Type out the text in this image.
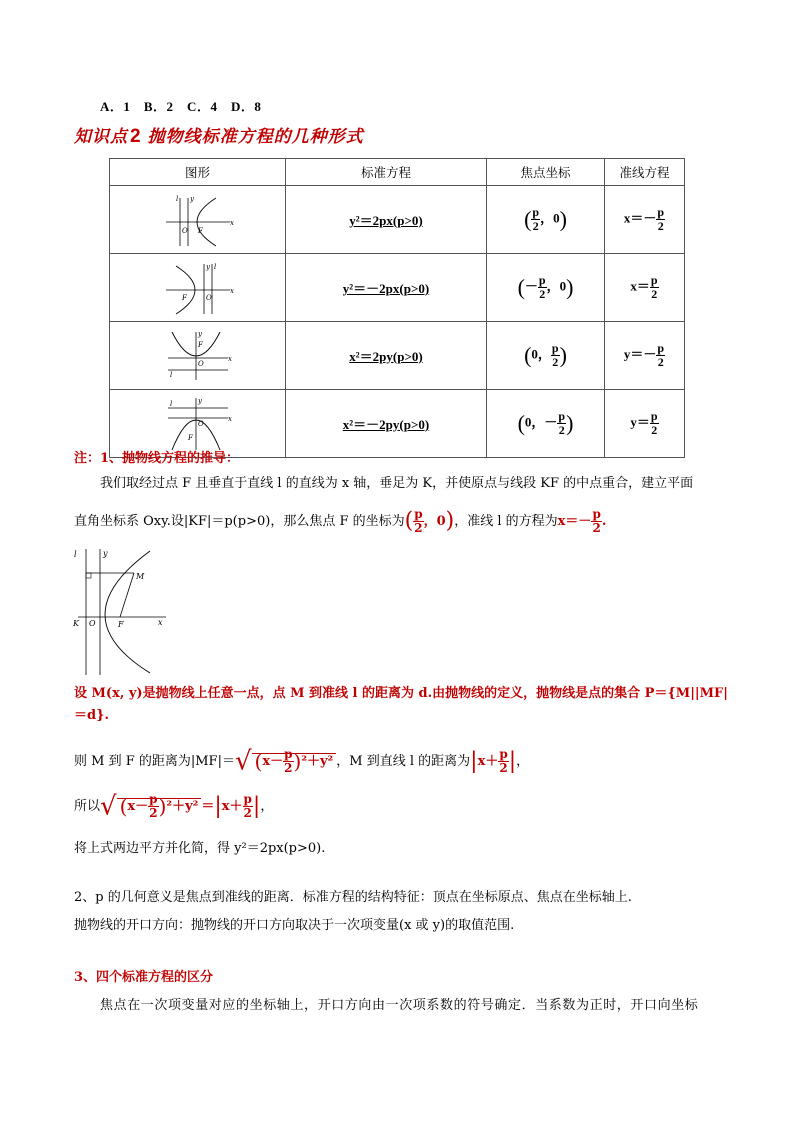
A．1　B．2　C．4　D．8
知识点 2 抛物线标准方程的几种形式
图形	标准方程	焦点坐标	准线方程

O F
l y
x	y²＝2px(p>0)	( $\frac{p}{2}$ ，0)	$x=- \frac{p}{2}$

F O
l
y
x	y²＝－2px(p>0)	(－ $\frac{p}{2}$ ，0)	$x= \frac{p}{2}$

F
O
l
y
x	x²＝2py(p>0)	(0， $\frac{p}{2}$ )	$y=- \frac{p}{2}$

O
F
l y
x	x²＝－2py(p>0)	(0，－ $\frac{p}{2}$ )	$y= \frac{p}{2}$
注：1、抛物线方程的推导：
我们取经过点 F 且垂直于直线 l 的直线为 x 轴，垂足为 K，并使原点与线段 KF 的中点重合，建立平面
直角坐标系 Oxy.设|KF|＝p(p>0)，那么焦点 F 的坐标为( $\frac{p}{2}$ ，0)，准线 l 的方程为$x=- \frac{p}{2}$ .
l	y
M
K O	F	x
设 M(x, y)是抛物线上任意一点，点 M 到准线 l 的距离为 d.由抛物线的定义，抛物线是点的集合 P＝{M||MF|
＝d}.
则 M 到 F 的距离为|MF|＝√ $(x- \frac{p}{2} )^2+y^2$ ，M 到直线 l 的距离为$|x+ \frac{p}{2}$ |，
所以√ $(x- \frac{p}{2} )^2+y^2 =|x+ \frac{p}{2}$ |，
将上式两边平方并化简，得 y²＝2px(p>0).
2、p 的几何意义是焦点到准线的距离．标准方程的结构特征：顶点在坐标原点、焦点在坐标轴上.
抛物线的开口方向：抛物线的开口方向取决于一次项变量(x 或 y)的取值范围.
3、四个标准方程的区分
焦点在一次项变量对应的坐标轴上，开口方向由一次项系数的符号确定．当系数为正时，开口向坐标
